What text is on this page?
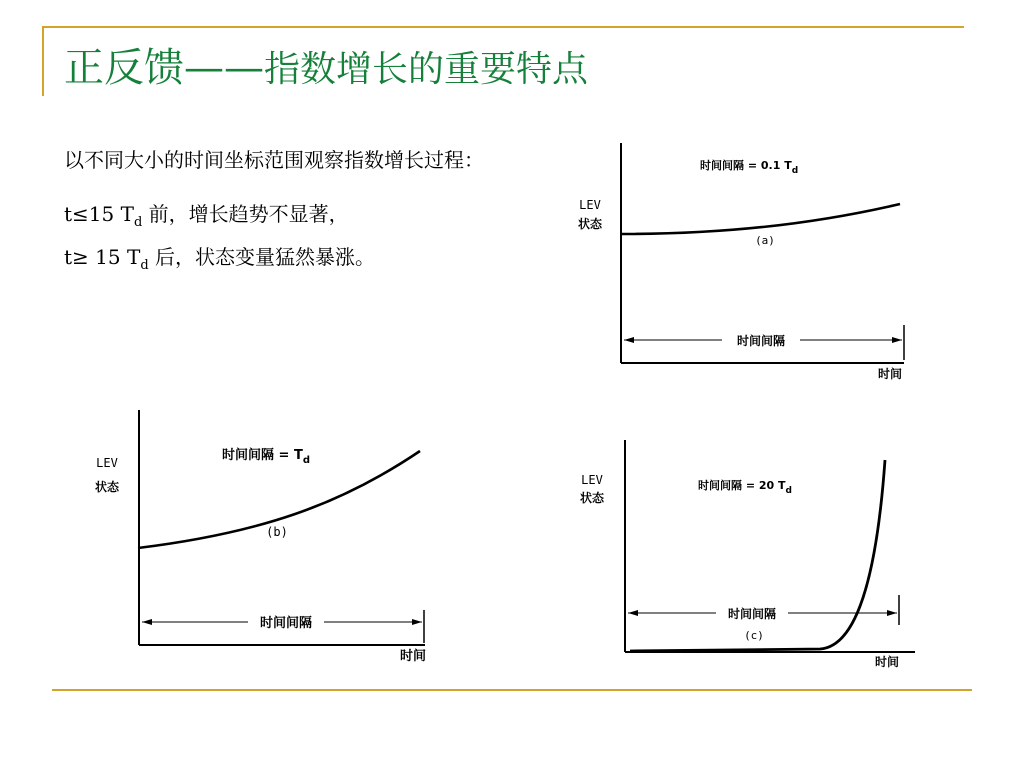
正反馈——指数增长的重要特点

以不同大小的时间坐标范围观察指数增长过程：

t≤15 $T_d$ 前，增长趋势不显著，

t≥ 15 $T_d$ 后，状态变量猛然暴涨。

时间间隔
时间间隔 = 0.1 $T_d$
LEV
状态
(a)
时间
时间间隔
时间间隔 = $T_d$
LEV
状态
(b)
时间
时间间隔
时间间隔 = 20 $T_d$
LEV
状态
(c)
时间
